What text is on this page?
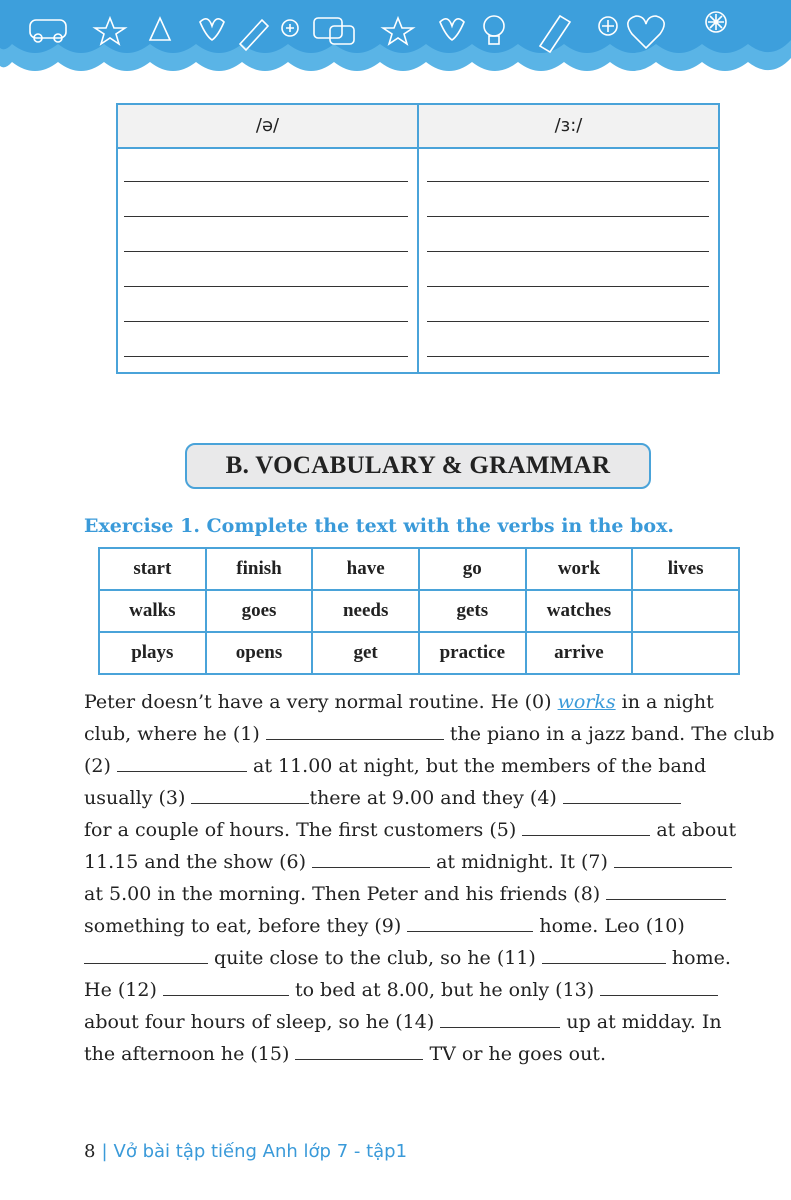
/ə/	/ɜ:/
B. VOCABULARY & GRAMMAR
Exercise 1. Complete the text with the verbs in the box.
start	finish	have	go	work	lives
walks	goes	needs	gets	watches	
plays	opens	get	practice	arrive	
Peter doesn’t have a very normal routine. He (0) works in a night
club, where he (1)	the piano in a jazz band. The club
(2)	at 11.00 at night, but the members of the band
usually (3)	there at 9.00 and they (4)
for a couple of hours. The first customers (5)	at about
11.15 and the show (6)	at midnight. It (7)
at 5.00 in the morning. Then Peter and his friends (8)
something to eat, before they (9)	home. Leo (10)
quite close to the club, so he (11)	home.
He (12)	to bed at 8.00, but he only (13)
about four hours of sleep, so he (14)	up at midday. In
the afternoon he (15)	TV or he goes out.
8 | Vở bài tập tiếng Anh lớp 7 - tập1
